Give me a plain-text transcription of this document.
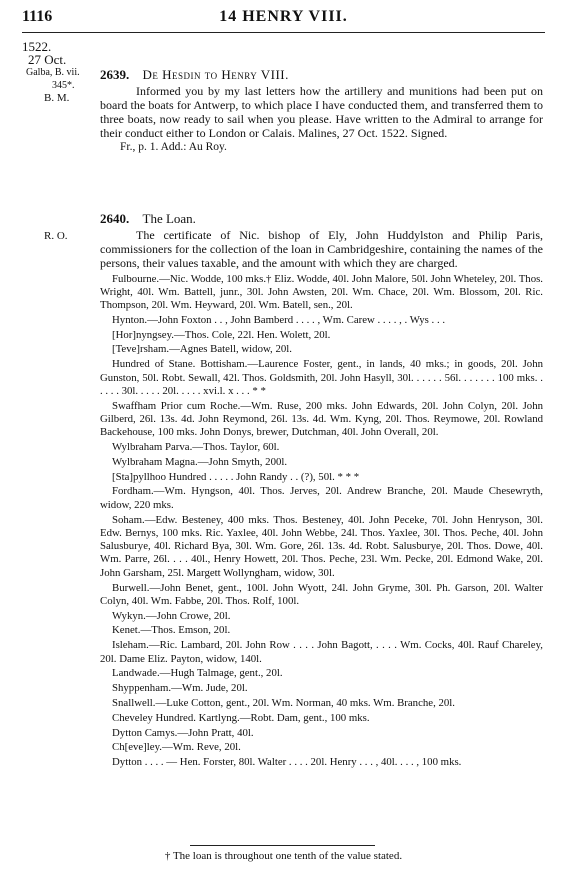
1116	14 HENRY VIII.
1522.
27 Oct.
Galba, B. vii.
345*.
B. M.
2639. De Hesdin to Henry VIII.

Informed you by my last letters how the artillery and munitions had been put on board the boats for Antwerp, to which place I have conducted them, and transferred them to three boats, now ready to sail when you please. Have written to the Admiral to arrange for their conduct either to London or Calais. Malines, 27 Oct. 1522. Signed.

Fr., p. 1. Add.: Au Roy.
R. O.
2640. The Loan.

The certificate of Nic. bishop of Ely, John Huddylston and Philip Paris, commissioners for the collection of the loan in Cambridgeshire, containing the names of the persons, their values taxable, and the amount with which they are charged.

Fulbourne.—Nic. Wodde, 100 mks.† Eliz. Wodde, 40l. John Malore, 50l. John Wheteley, 20l. Thos. Wright, 40l. Wm. Battell, junr., 30l. John Awsten, 20l. Wm. Chace, 20l. Wm. Blossom, 20l. Ric. Thompson, 20l. Wm. Heyward, 20l. Wm. Batell, sen., 20l.

Hynton.—John Foxton . . , John Bamberd . . . . , Wm. Carew . . . . , . Wys . . .

[Hor]nyngsey.—Thos. Cole, 22l. Hen. Wolett, 20l.

[Teve]rsham.—Agnes Batell, widow, 20l.

Hundred of Stane. Bottisham.—Laurence Foster, gent., in lands, 40 mks.; in goods, 20l. John Gunston, 50l. Robt. Sewall, 42l. Thos. Goldsmith, 20l. John Hasyll, 30l. . . . . . 56l. . . . . . . 100 mks. . . . . . 30l. . . . . 20l. . . . . xvi.l. x . . . * *

Swaffham Prior cum Roche.—Wm. Ruse, 200 mks. John Edwards, 20l. John Colyn, 20l. John Gilberd, 26l. 13s. 4d. John Reymond, 26l. 13s. 4d. Wm. Kyng, 20l. Thos. Reymowe, 20l. Rowland Backehouse, 100 mks. John Donys, brewer, Dutchman, 40l. John Overall, 20l.

Wylbraham Parva.—Thos. Taylor, 60l.

Wylbraham Magna.—John Smyth, 200l.

[Sta]pyllhoo Hundred . . . . . John Randy . . (?), 50l. * * *

Fordham.—Wm. Hyngson, 40l. Thos. Jerves, 20l. Andrew Branche, 20l. Maude Chesewryth, widow, 220 mks.

Soham.—Edw. Besteney, 400 mks. Thos. Besteney, 40l. John Peceke, 70l. John Henryson, 30l. Edw. Bernys, 100 mks. Ric. Yaxlee, 40l. John Webbe, 24l. Thos. Yaxlee, 30l. Thos. Peche, 40l. John Salusburye, 40l. Richard Bya, 30l. Wm. Gore, 26l. 13s. 4d. Robt. Salusburye, 20l. Thos. Dowe, 40l. Wm. Parre, 26l. . . . 40l., Henry Howett, 20l. Thos. Peche, 23l. Wm. Pecke, 20l. Edmond Wake, 20l. John Garsham, 25l. Margett Wollyngham, widow, 30l.

Burwell.—John Benet, gent., 100l. John Wyott, 24l. John Gryme, 30l. Ph. Garson, 20l. Walter Colyn, 40l. Wm. Fabbe, 20l. Thos. Rolf, 100l.

Wykyn.—John Crowe, 20l.

Kenet.—Thos. Emson, 20l.

Isleham.—Ric. Lambard, 20l. John Row . . . . John Bagott, . . . . Wm. Cocks, 40l. Rauf Chareley, 20l. Dame Eliz. Payton, widow, 140l.

Landwade.—Hugh Talmage, gent., 20l.

Shyppenham.—Wm. Jude, 20l.

Snallwell.—Luke Cotton, gent., 20l. Wm. Norman, 40 mks. Wm. Branche, 20l.

Cheveley Hundred. Kartlyng.—Robt. Dam, gent., 100 mks.

Dytton Camys.—John Pratt, 40l.

Ch[eve]ley.—Wm. Reve, 20l.

Dytton . . . . — Hen. Forster, 80l. Walter . . . . 20l. Henry . . . , 40l. . . . , 100 mks.

† The loan is throughout one tenth of the value stated.
